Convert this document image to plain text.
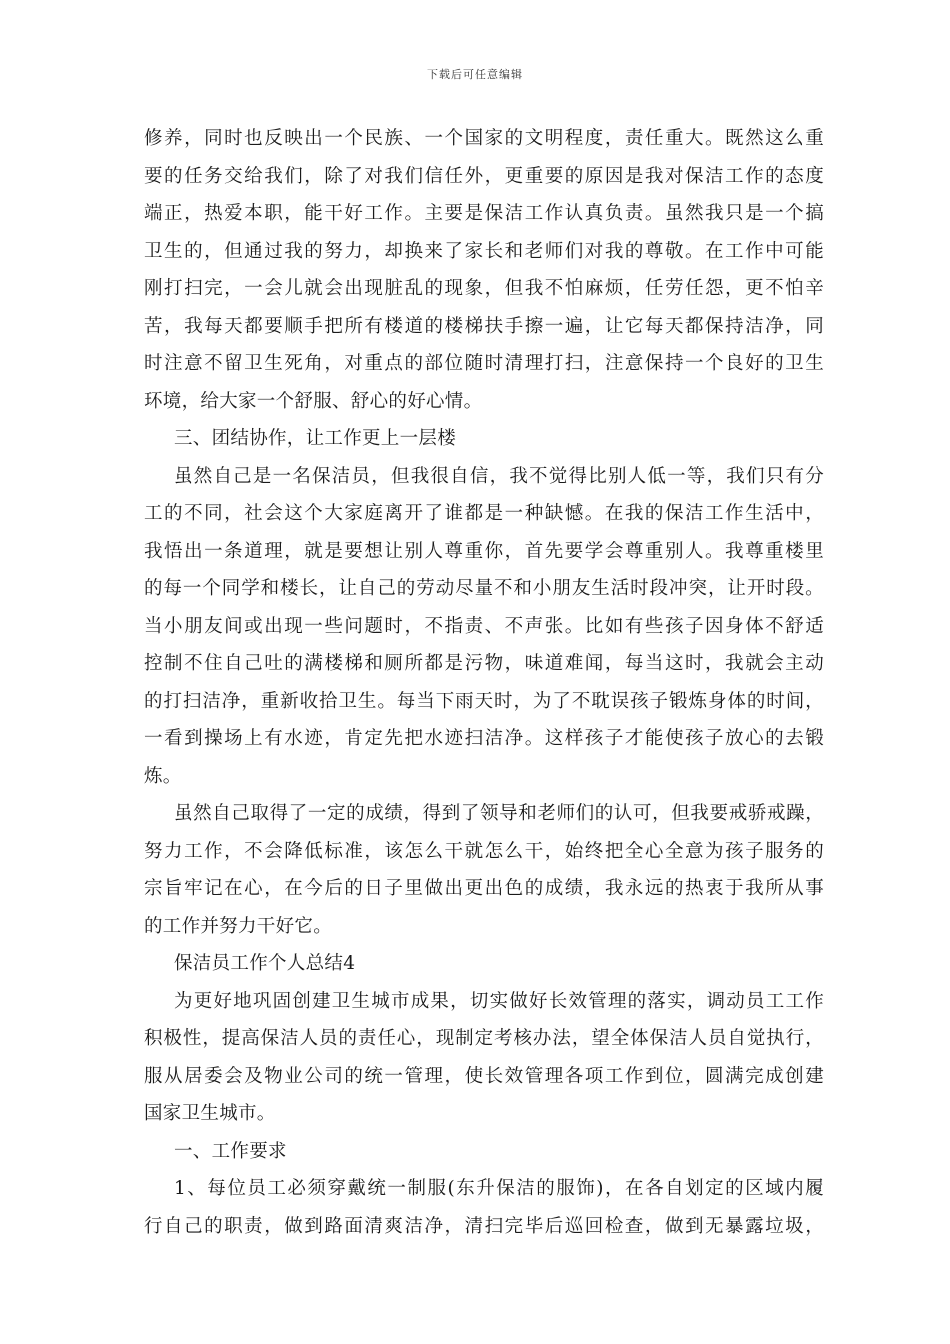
下载后可任意编辑
修养，同时也反映出一个民族、一个国家的文明程度，责任重大。既然这么重
要的任务交给我们，除了对我们信任外，更重要的原因是我对保洁工作的态度
端正，热爱本职，能干好工作。主要是保洁工作认真负责。虽然我只是一个搞
卫生的，但通过我的努力，却换来了家长和老师们对我的尊敬。在工作中可能
刚打扫完，一会儿就会出现脏乱的现象，但我不怕麻烦，任劳任怨，更不怕辛
苦，我每天都要顺手把所有楼道的楼梯扶手擦一遍，让它每天都保持洁净，同
时注意不留卫生死角，对重点的部位随时清理打扫，注意保持一个良好的卫生
环境，给大家一个舒服、舒心的好心情。
三、团结协作，让工作更上一层楼
虽然自己是一名保洁员，但我很自信，我不觉得比别人低一等，我们只有分
工的不同，社会这个大家庭离开了谁都是一种缺憾。在我的保洁工作生活中，
我悟出一条道理，就是要想让别人尊重你，首先要学会尊重别人。我尊重楼里
的每一个同学和楼长，让自己的劳动尽量不和小朋友生活时段冲突，让开时段。
当小朋友间或出现一些问题时，不指责、不声张。比如有些孩子因身体不舒适
控制不住自己吐的满楼梯和厕所都是污物，味道难闻，每当这时，我就会主动
的打扫洁净，重新收拾卫生。每当下雨天时，为了不耽误孩子锻炼身体的时间，
一看到操场上有水迹，肯定先把水迹扫洁净。这样孩子才能使孩子放心的去锻
炼。
虽然自己取得了一定的成绩，得到了领导和老师们的认可，但我要戒骄戒躁，
努力工作，不会降低标准，该怎么干就怎么干，始终把全心全意为孩子服务的
宗旨牢记在心，在今后的日子里做出更出色的成绩，我永远的热衷于我所从事
的工作并努力干好它。
保洁员工作个人总结4
为更好地巩固创建卫生城市成果，切实做好长效管理的落实，调动员工工作
积极性，提高保洁人员的责任心，现制定考核办法，望全体保洁人员自觉执行，
服从居委会及物业公司的统一管理，使长效管理各项工作到位，圆满完成创建
国家卫生城市。
一、工作要求
1、每位员工必须穿戴统一制服(东升保洁的服饰)，在各自划定的区域内履
行自己的职责，做到路面清爽洁净，清扫完毕后巡回检查，做到无暴露垃圾，
